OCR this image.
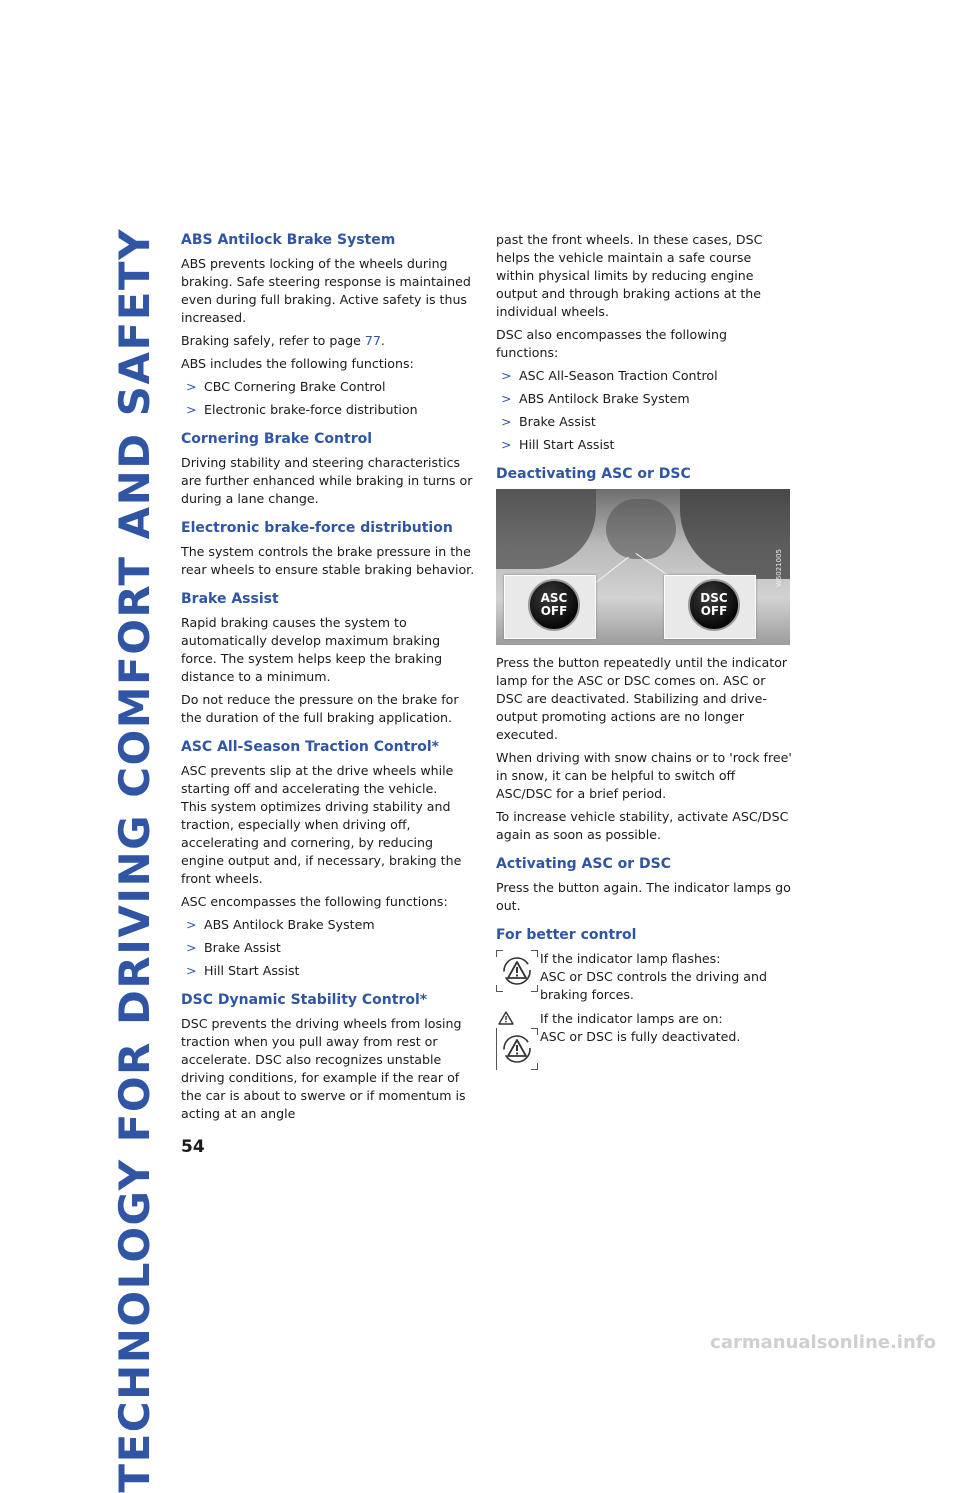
TECHNOLOGY FOR DRIVING COMFORT AND SAFETY ABS Antilock Brake System

ABS prevents locking of the wheels during braking. Safe steering response is maintained even during full braking. Active safety is thus increased.

Braking safely, refer to page 77.

ABS includes the following functions:

> CBC Cornering Brake Control
> Electronic brake-force distribution
Cornering Brake Control

Driving stability and steering characteristics are further enhanced while braking in turns or during a lane change.

Electronic brake-force distribution

The system controls the brake pressure in the rear wheels to ensure stable braking behavior.

Brake Assist

Rapid braking causes the system to automatically develop maximum braking force. The system helps keep the braking distance to a minimum.

Do not reduce the pressure on the brake for the duration of the full braking application.

ASC All-Season Traction Control*

ASC prevents slip at the drive wheels while starting off and accelerating the vehicle.
This system optimizes driving stability and traction, especially when driving off, accelerating and cornering, by reducing engine output and, if necessary, braking the front wheels.

ASC encompasses the following functions:

> ABS Antilock Brake System
> Brake Assist
> Hill Start Assist
DSC Dynamic Stability Control*

DSC prevents the driving wheels from losing traction when you pull away from rest or accelerate. DSC also recognizes unstable driving conditions, for example if the rear of the car is about to swerve or if momentum is acting at an angle

past the front wheels. In these cases, DSC helps the vehicle maintain a safe course within physical limits by reducing engine output and through braking actions at the individual wheels.

DSC also encompasses the following functions:

> ASC All-Season Traction Control
> ABS Antilock Brake System
> Brake Assist
> Hill Start Assist
Deactivating ASC or DSC
ASC
OFF
DSC
OFF
W6021005

Press the button repeatedly until the indicator lamp for the ASC or DSC comes on. ASC or DSC are deactivated. Stabilizing and drive-output promoting actions are no longer executed.

When driving with snow chains or to 'rock free' in snow, it can be helpful to switch off ASC/DSC for a brief period.

To increase vehicle stability, activate ASC/DSC again as soon as possible.

Activating ASC or DSC

Press the button again. The indicator lamps go out.

For better control
If the indicator lamp flashes:
ASC or DSC controls the driving and braking forces.
If the indicator lamps are on:
ASC or DSC is fully deactivated.
54
carmanualsonline.info
